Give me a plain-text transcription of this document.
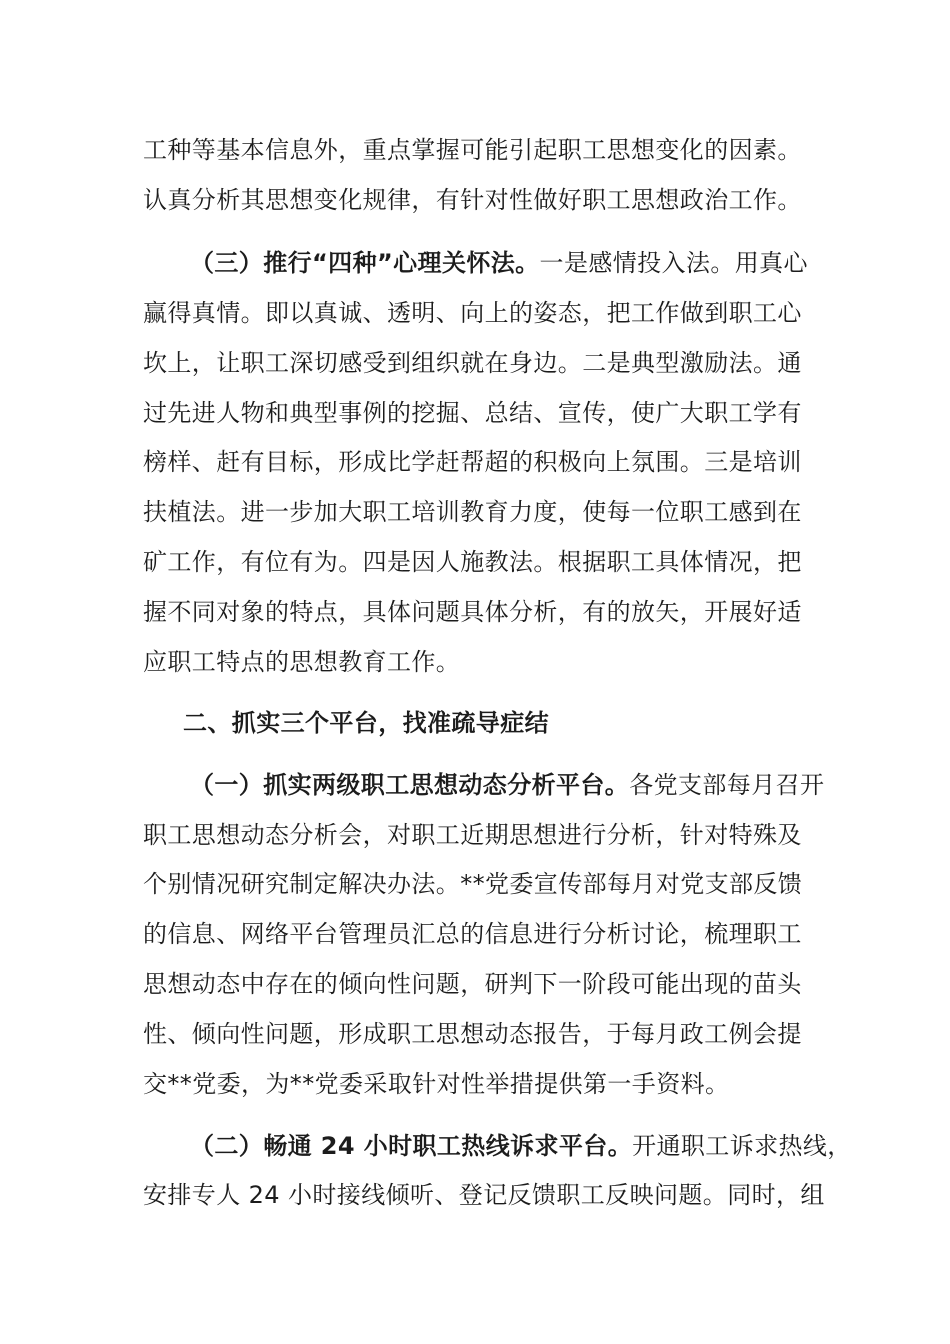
工种等基本信息外，重点掌握可能引起职工思想变化的因素。
认真分析其思想变化规律，有针对性做好职工思想政治工作。
（三）推行“四种”心理关怀法。一是感情投入法。用真心
赢得真情。即以真诚、透明、向上的姿态，把工作做到职工心
坎上，让职工深切感受到组织就在身边。二是典型激励法。通
过先进人物和典型事例的挖掘、总结、宣传，使广大职工学有
榜样、赶有目标，形成比学赶帮超的积极向上氛围。三是培训
扶植法。进一步加大职工培训教育力度，使每一位职工感到在
矿工作，有位有为。四是因人施教法。根据职工具体情况，把
握不同对象的特点，具体问题具体分析，有的放矢，开展好适
应职工特点的思想教育工作。
二、抓实三个平台，找准疏导症结
（一）抓实两级职工思想动态分析平台。各党支部每月召开
职工思想动态分析会，对职工近期思想进行分析，针对特殊及
个别情况研究制定解决办法。**党委宣传部每月对党支部反馈
的信息、网络平台管理员汇总的信息进行分析讨论，梳理职工
思想动态中存在的倾向性问题，研判下一阶段可能出现的苗头
性、倾向性问题，形成职工思想动态报告，于每月政工例会提
交**党委，为**党委采取针对性举措提供第一手资料。
（二）畅通 24 小时职工热线诉求平台。开通职工诉求热线，
安排专人 24 小时接线倾听、登记反馈职工反映问题。同时，组
